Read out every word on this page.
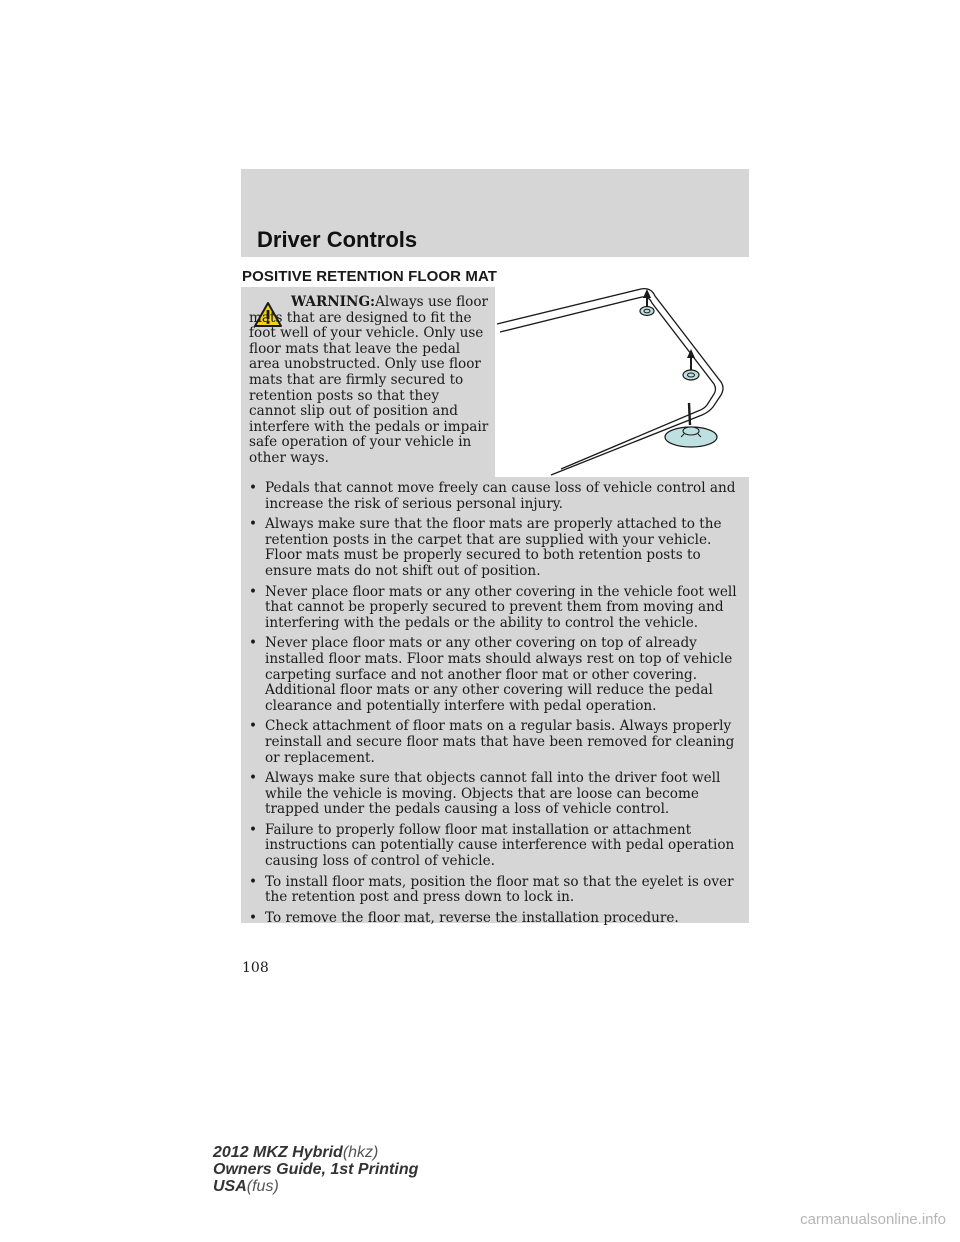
Driver Controls
POSITIVE RETENTION FLOOR MAT
WARNING:Always use floor mats that are designed to fit the foot well of your vehicle. Only use floor mats that leave the pedal area unobstructed. Only use floor mats that are firmly secured to retention posts so that they cannot slip out of position and interfere with the pedals or impair safe operation of your vehicle in other ways.
• Pedals that cannot move freely can cause loss of vehicle control and increase the risk of serious personal injury.
• Always make sure that the floor mats are properly attached to the retention posts in the carpet that are supplied with your vehicle. Floor mats must be properly secured to both retention posts to ensure mats do not shift out of position.
• Never place floor mats or any other covering in the vehicle foot well that cannot be properly secured to prevent them from moving and interfering with the pedals or the ability to control the vehicle.
• Never place floor mats or any other covering on top of already installed floor mats. Floor mats should always rest on top of vehicle carpeting surface and not another floor mat or other covering. Additional floor mats or any other covering will reduce the pedal clearance and potentially interfere with pedal operation.
• Check attachment of floor mats on a regular basis. Always properly reinstall and secure floor mats that have been removed for cleaning or replacement.
• Always make sure that objects cannot fall into the driver foot well while the vehicle is moving. Objects that are loose can become trapped under the pedals causing a loss of vehicle control.
• Failure to properly follow floor mat installation or attachment instructions can potentially cause interference with pedal operation causing loss of control of vehicle.
• To install floor mats, position the floor mat so that the eyelet is over the retention post and press down to lock in.
• To remove the floor mat, reverse the installation procedure.
108
2012 MKZ Hybrid(hkz)
Owners Guide, 1st Printing
USA(fus)
carmanualsonline.info
